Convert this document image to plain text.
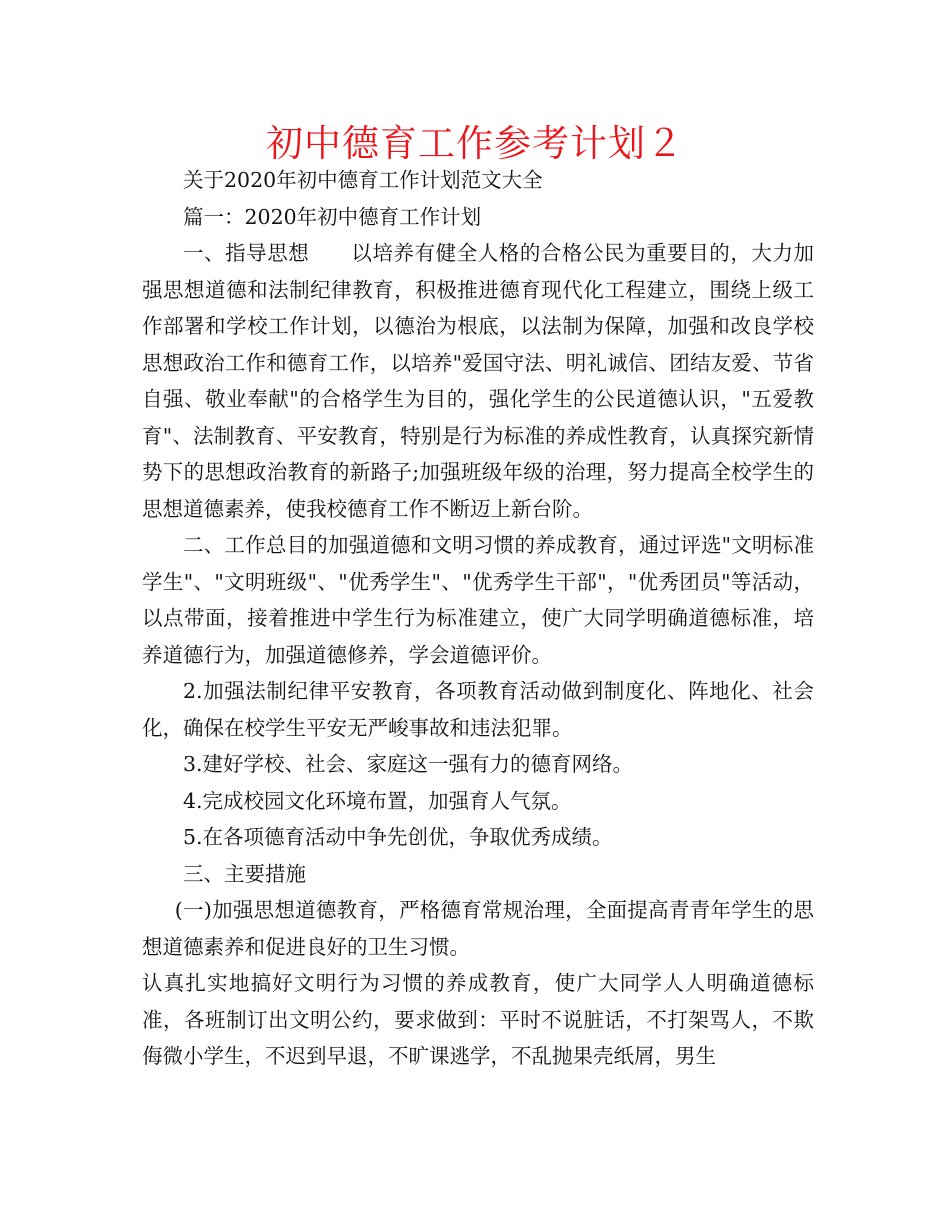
初中德育工作参考计划２

关于2020年初中德育工作计划范文大全

篇一：2020年初中德育工作计划

一、指导思想　　以培养有健全人格的合格公民为重要目的，大力加强思想道德和法制纪律教育，积极推进德育现代化工程建立，围绕上级工作部署和学校工作计划，以德治为根底，以法制为保障，加强和改良学校思想政治工作和德育工作，以培养"爱国守法、明礼诚信、团结友爱、节省自强、敬业奉献"的合格学生为目的，强化学生的公民道德认识，"五爱教育"、法制教育、平安教育，特别是行为标准的养成性教育，认真探究新情势下的思想政治教育的新路子;加强班级年级的治理，努力提高全校学生的思想道德素养，使我校德育工作不断迈上新台阶。

二、工作总目的加强道德和文明习惯的养成教育，通过评选"文明标准学生"、"文明班级"、"优秀学生"、"优秀学生干部"，"优秀团员"等活动，以点带面，接着推进中学生行为标准建立，使广大同学明确道德标准，培养道德行为，加强道德修养，学会道德评价。

2.加强法制纪律平安教育，各项教育活动做到制度化、阵地化、社会化，确保在校学生平安无严峻事故和违法犯罪。

3.建好学校、社会、家庭这一强有力的德育网络。

4.完成校园文化环境布置，加强育人气氛。

5.在各项德育活动中争先创优，争取优秀成绩。

三、主要措施

(一)加强思想道德教育，严格德育常规治理，全面提高青青年学生的思想道德素养和促进良好的卫生习惯。

认真扎实地搞好文明行为习惯的养成教育，使广大同学人人明确道德标准，各班制订出文明公约，要求做到：平时不说脏话，不打架骂人，不欺侮微小学生，不迟到早退，不旷课逃学，不乱抛果壳纸屑，男生
